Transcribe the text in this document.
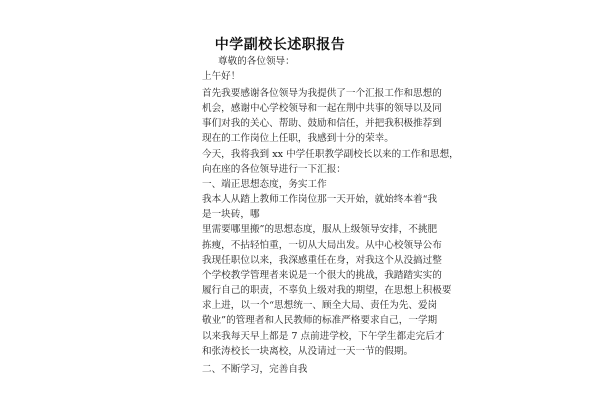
中学副校长述职报告
尊敬的各位领导：
上午好！
首先我要感谢各位领导为我提供了一个汇报工作和思想的
机会，感谢中心学校领导和一起在荆中共事的领导以及同
事们对我的关心、帮助、鼓励和信任，并把我积极推荐到
现在的工作岗位上任职，我感到十分的荣幸。
今天，我将我到 xx 中学任职教学副校长以来的工作和思想，
向在座的各位领导进行一下汇报：
一、端正思想态度，务实工作
我本人从踏上教师工作岗位那一天开始，就始终本着“我
是一块砖，哪
里需要哪里搬”的思想态度，服从上级领导安排，不挑肥
拣瘦，不拈轻怕重，一切从大局出发。从中心校领导公布
我现任职位以来，我深感重任在身，对我这个从没搞过整
个学校教学管理者来说是一个很大的挑战，我踏踏实实的
履行自己的职责，不辜负上级对我的期望，在思想上积极要
求上进，以一个“思想统一、顾全大局、责任为先、爱岗
敬业”的管理者和人民教师的标准严格要求自己，一学期
以来我每天早上都是 7 点前进学校，下午学生都走完后才
和张涛校长一块离校，从没请过一天一节的假期。
二、不断学习，完善自我
